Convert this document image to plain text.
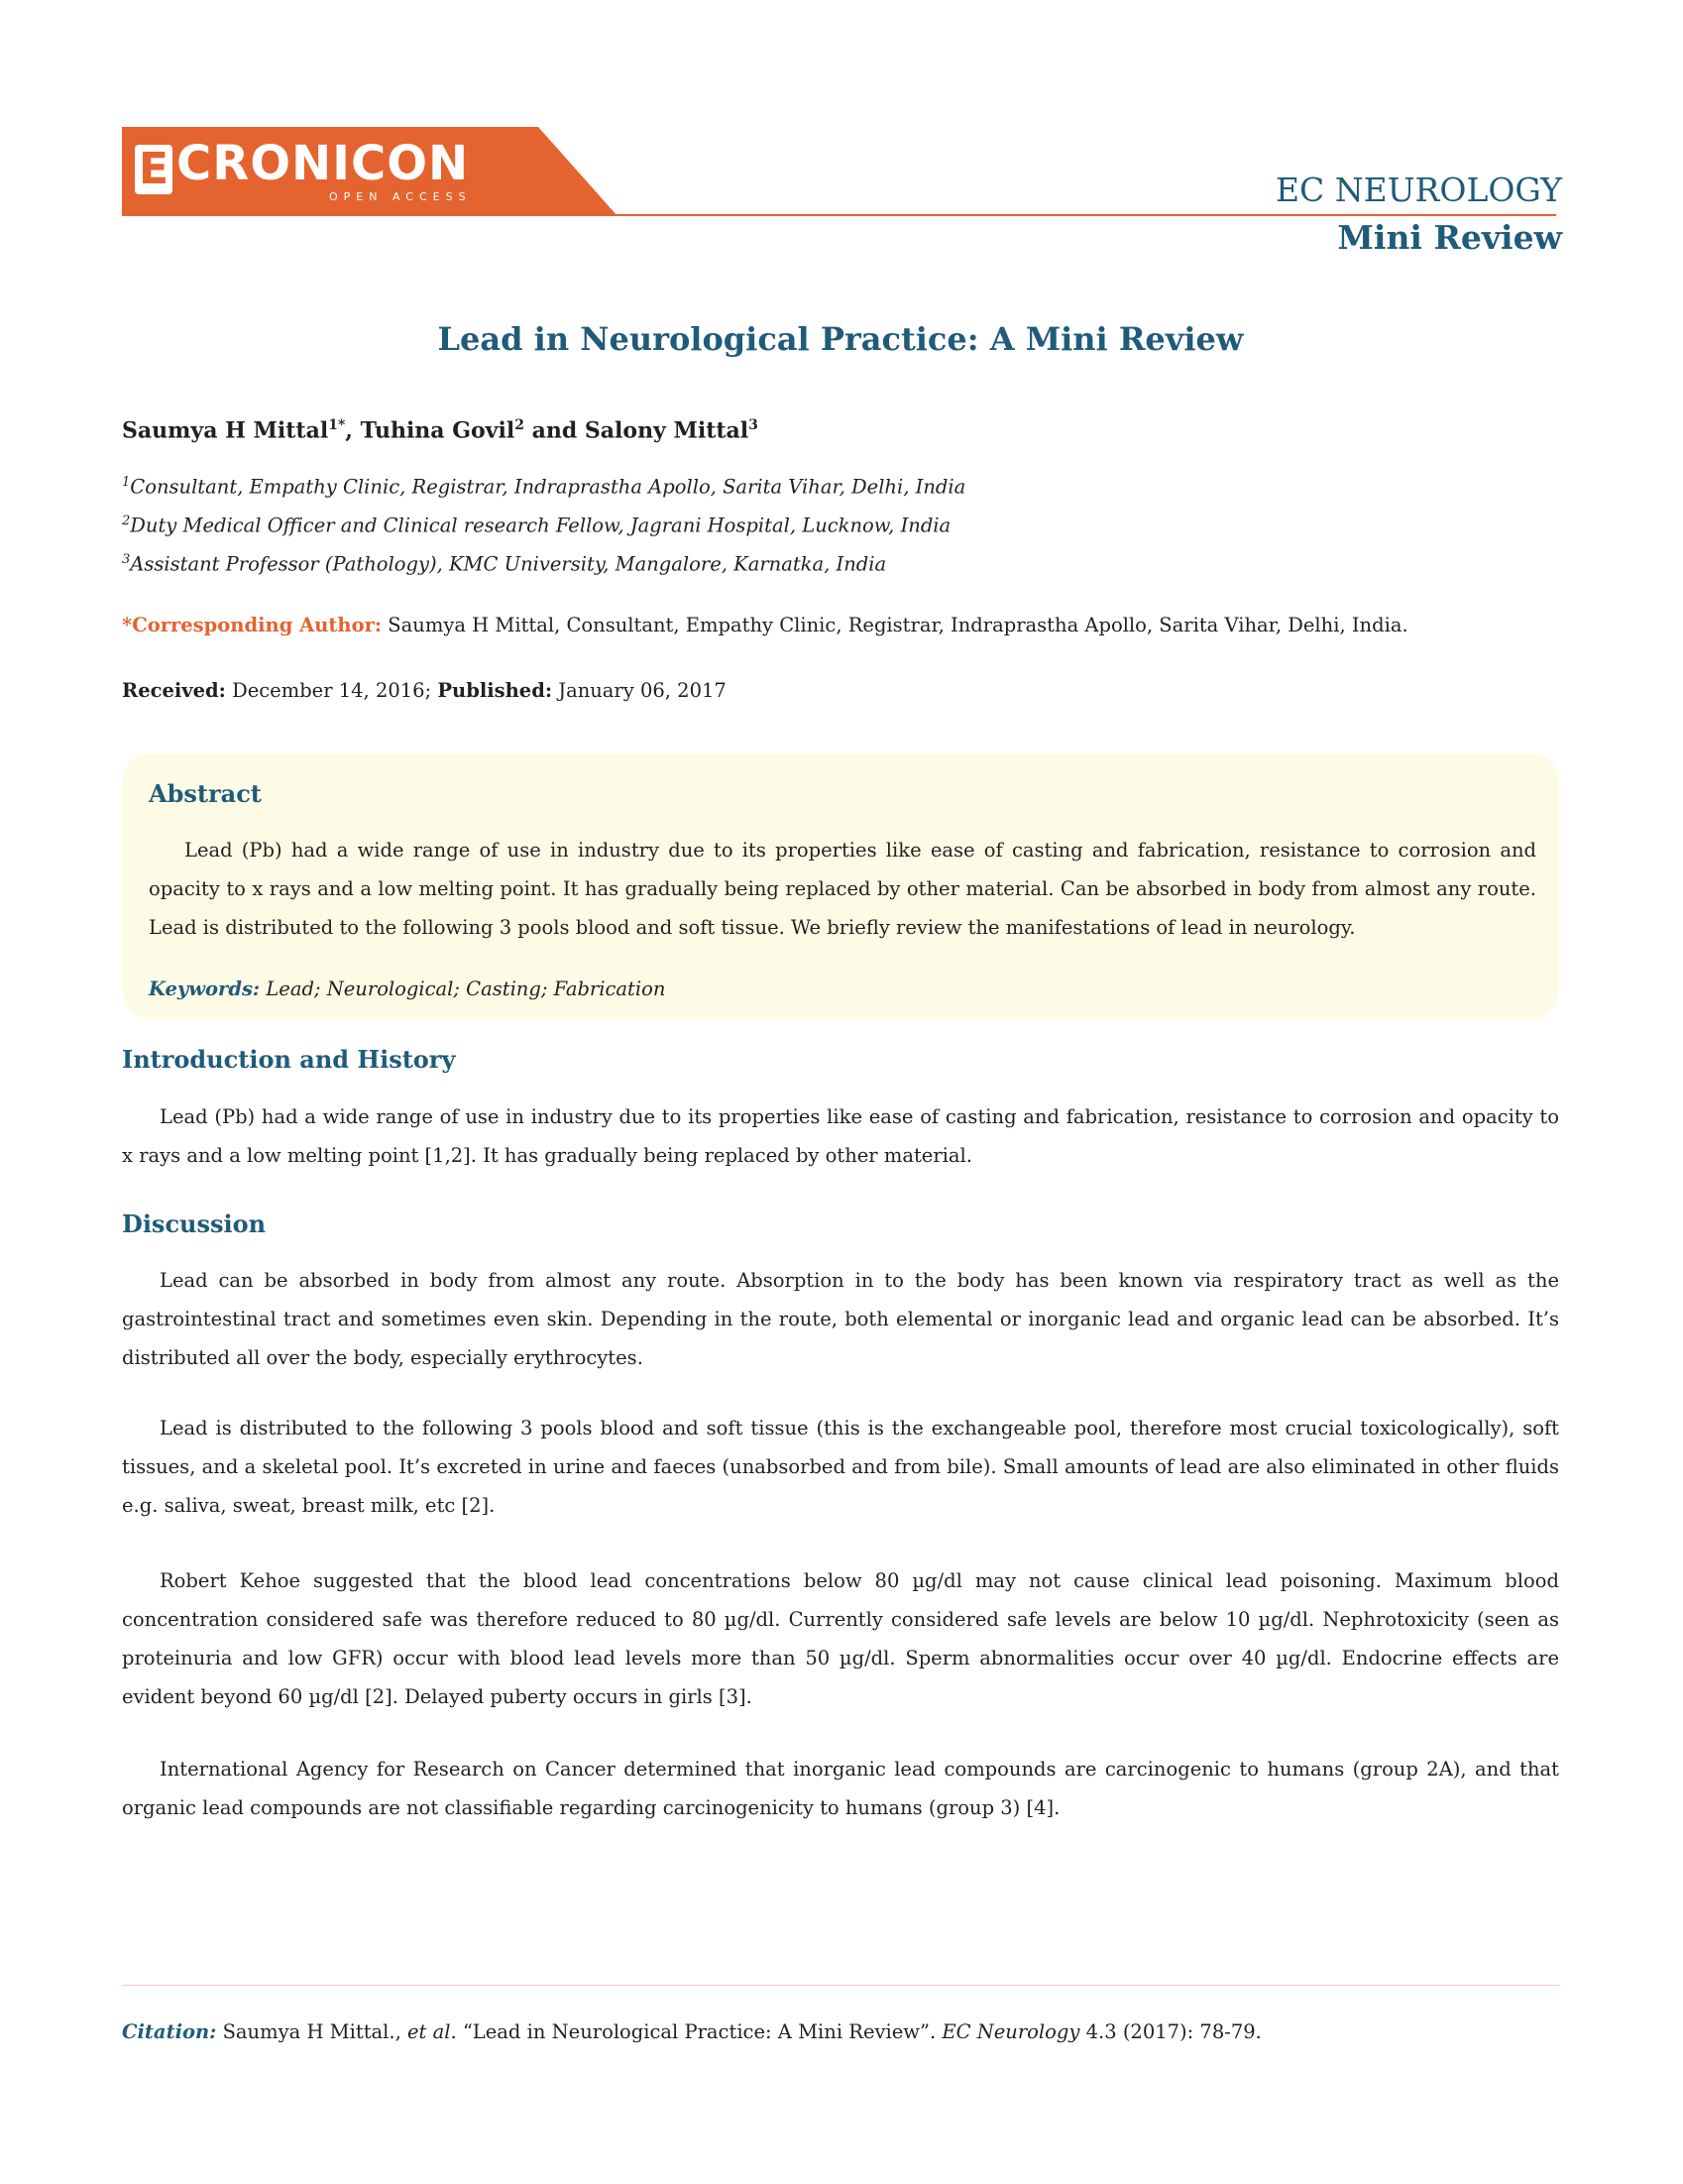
E CRONICON
OPEN ACCESS	EC NEUROLOGY
Mini Review
Lead in Neurological Practice: A Mini Review
Saumya H Mittal$^{1*}$, Tuhina Govil$^2$ and Salony Mittal$^3$
$^1$Consultant, Empathy Clinic, Registrar, Indraprastha Apollo, Sarita Vihar, Delhi, India
$^2$Duty Medical Officer and Clinical research Fellow, Jagrani Hospital, Lucknow, India
$^3$Assistant Professor (Pathology), KMC University, Mangalore, Karnatka, India
*Corresponding Author: Saumya H Mittal, Consultant, Empathy Clinic, Registrar, Indraprastha Apollo, Sarita Vihar, Delhi, India.
Received: December 14, 2016; Published: January 06, 2017
Abstract
Lead (Pb) had a wide range of use in industry due to its properties like ease of casting and fabrication, resistance to corrosion and opacity to x rays and a low melting point. It has gradually being replaced by other material. Can be absorbed in body from almost any route. Lead is distributed to the following 3 pools blood and soft tissue. We briefly review the manifestations of lead in neurology.
Keywords: Lead; Neurological; Casting; Fabrication
Introduction and History
Lead (Pb) had a wide range of use in industry due to its properties like ease of casting and fabrication, resistance to corrosion and opacity to x rays and a low melting point [1,2]. It has gradually being replaced by other material.
Discussion
Lead can be absorbed in body from almost any route. Absorption in to the body has been known via respiratory tract as well as the gastrointestinal tract and sometimes even skin. Depending in the route, both elemental or inorganic lead and organic lead can be absorbed. It’s distributed all over the body, especially erythrocytes.
Lead is distributed to the following 3 pools blood and soft tissue (this is the exchangeable pool, therefore most crucial toxicologically), soft tissues, and a skeletal pool. It’s excreted in urine and faeces (unabsorbed and from bile). Small amounts of lead are also eliminated in other fluids e.g. saliva, sweat, breast milk, etc [2].
Robert Kehoe suggested that the blood lead concentrations below 80 µg/dl may not cause clinical lead poisoning. Maximum blood concentration considered safe was therefore reduced to 80 µg/dl. Currently considered safe levels are below 10 µg/dl. Nephrotoxicity (seen as proteinuria and low GFR) occur with blood lead levels more than 50 µg/dl. Sperm abnormalities occur over 40 µg/dl. Endocrine effects are evident beyond 60 µg/dl [2]. Delayed puberty occurs in girls [3].
International Agency for Research on Cancer determined that inorganic lead compounds are carcinogenic to humans (group 2A), and that organic lead compounds are not classifiable regarding carcinogenicity to humans (group 3) [4].
Citation: Saumya H Mittal., et al. “Lead in Neurological Practice: A Mini Review”. EC Neurology 4.3 (2017): 78-79.
